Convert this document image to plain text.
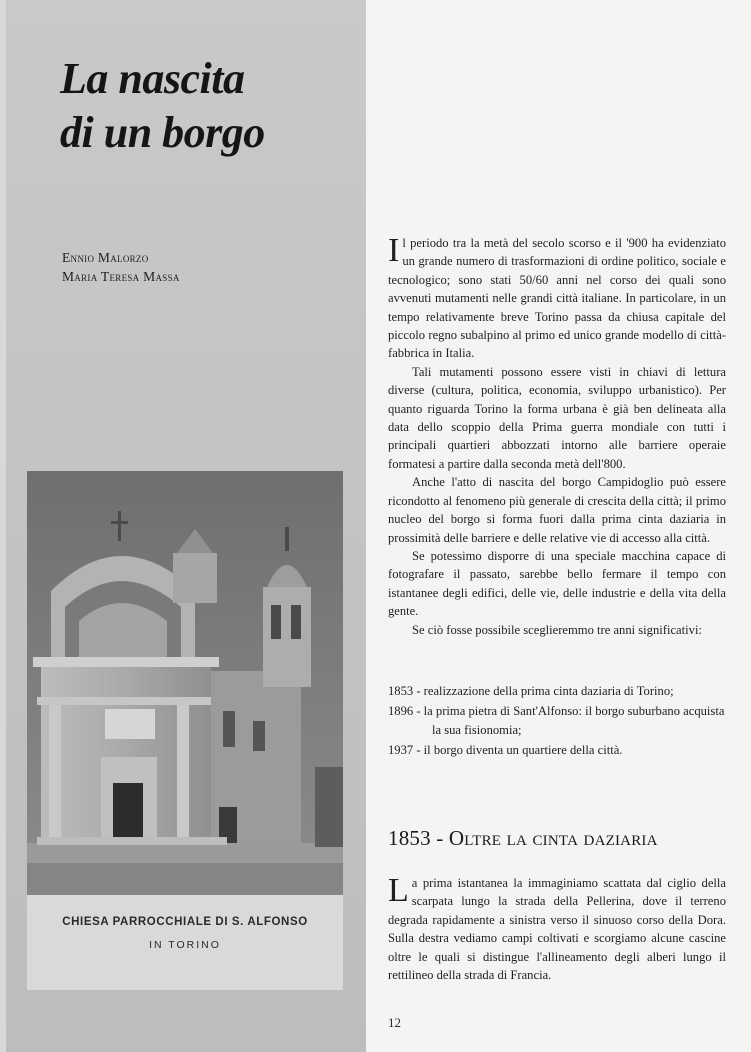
La nascita
di un borgo
Ennio Malorzo
Maria Teresa Massa
CHIESA PARROCCHIALE DI S. ALFONSO
IN TORINO

Il periodo tra la metà del secolo scorso e il '900 ha evidenziato un grande numero di trasformazioni di ordine politico, sociale e tecnologico; sono stati 50/60 anni nel corso dei quali sono avvenuti mutamenti nelle grandi città italiane. In particolare, in un tempo relativamente breve Torino passa da chiusa capitale del piccolo regno subalpino al primo ed unico grande modello di città-fabbrica in Italia.

Tali mutamenti possono essere visti in chiavi di lettura diverse (cultura, politica, economia, sviluppo urbanistico). Per quanto riguarda Torino la forma urbana è già ben delineata alla data dello scoppio della Prima guerra mondiale con tutti i principali quartieri abbozzati intorno alle barriere operaie formatesi a partire dalla seconda metà dell'800.

Anche l'atto di nascita del borgo Campidoglio può essere ricondotto al fenomeno più generale di crescita della città; il primo nucleo del borgo si forma fuori dalla prima cinta daziaria in prossimità delle barriere e delle relative vie di accesso alla città.

Se potessimo disporre di una speciale macchina capace di fotografare il passato, sarebbe bello fermare il tempo con istantanee degli edifici, delle vie, delle industrie e della vita della gente.

Se ciò fosse possibile sceglieremmo tre anni significativi:

1853 - realizzazione della prima cinta daziaria di Torino;
1896 - la prima pietra di Sant'Alfonso: il borgo suburbano acquista la sua fisionomia;
1937 - il borgo diventa un quartiere della città.
1853 - Oltre la cinta daziaria

La prima istantanea la immaginiamo scattata dal ciglio della scarpata lungo la strada della Pellerina, dove il terreno degrada rapidamente a sinistra verso il sinuoso corso della Dora. Sulla destra vediamo campi coltivati e scorgiamo alcune cascine oltre le quali si distingue l'allineamento degli alberi lungo il rettilineo della strada di Francia.

12
